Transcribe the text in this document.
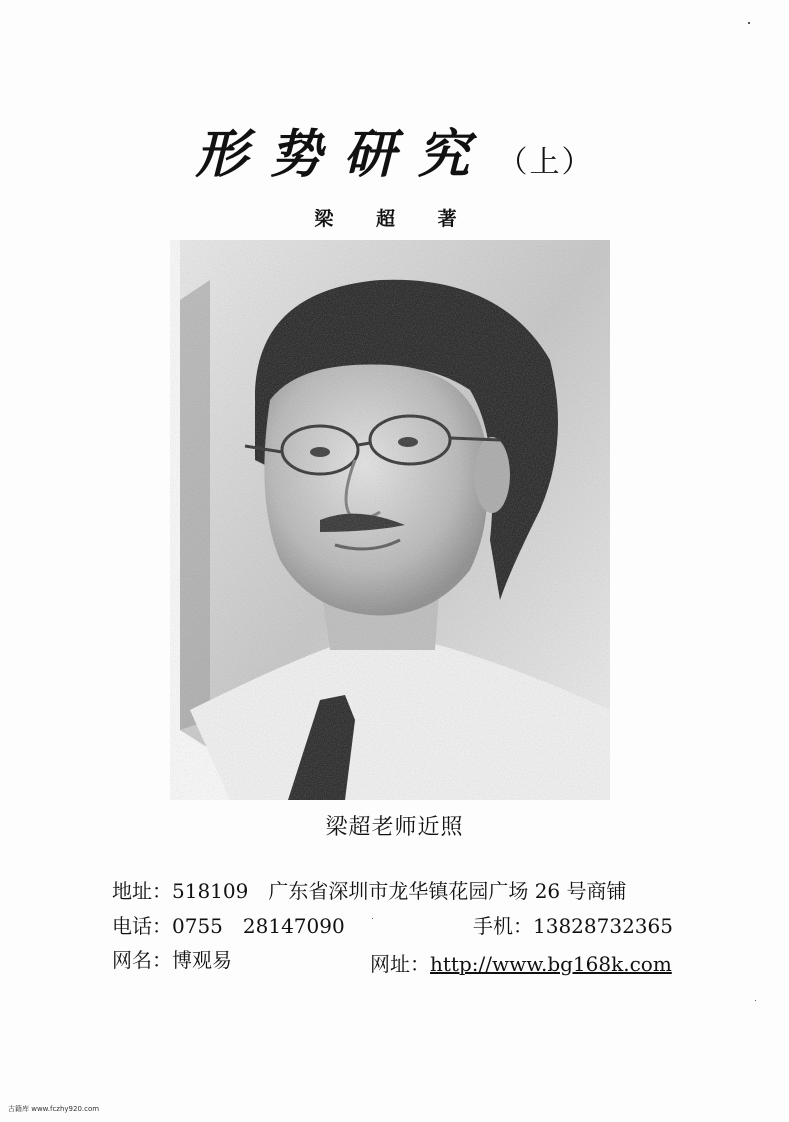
形势研究 （上）
梁 超 著
梁超老师近照
地址：518109　广东省深圳市龙华镇花园广场 26 号商铺
电话：0755　28147090	手机：13828732365
网名：博观易	网址：http://www.bg168k.com
古籍库 www.fczhy920.com
